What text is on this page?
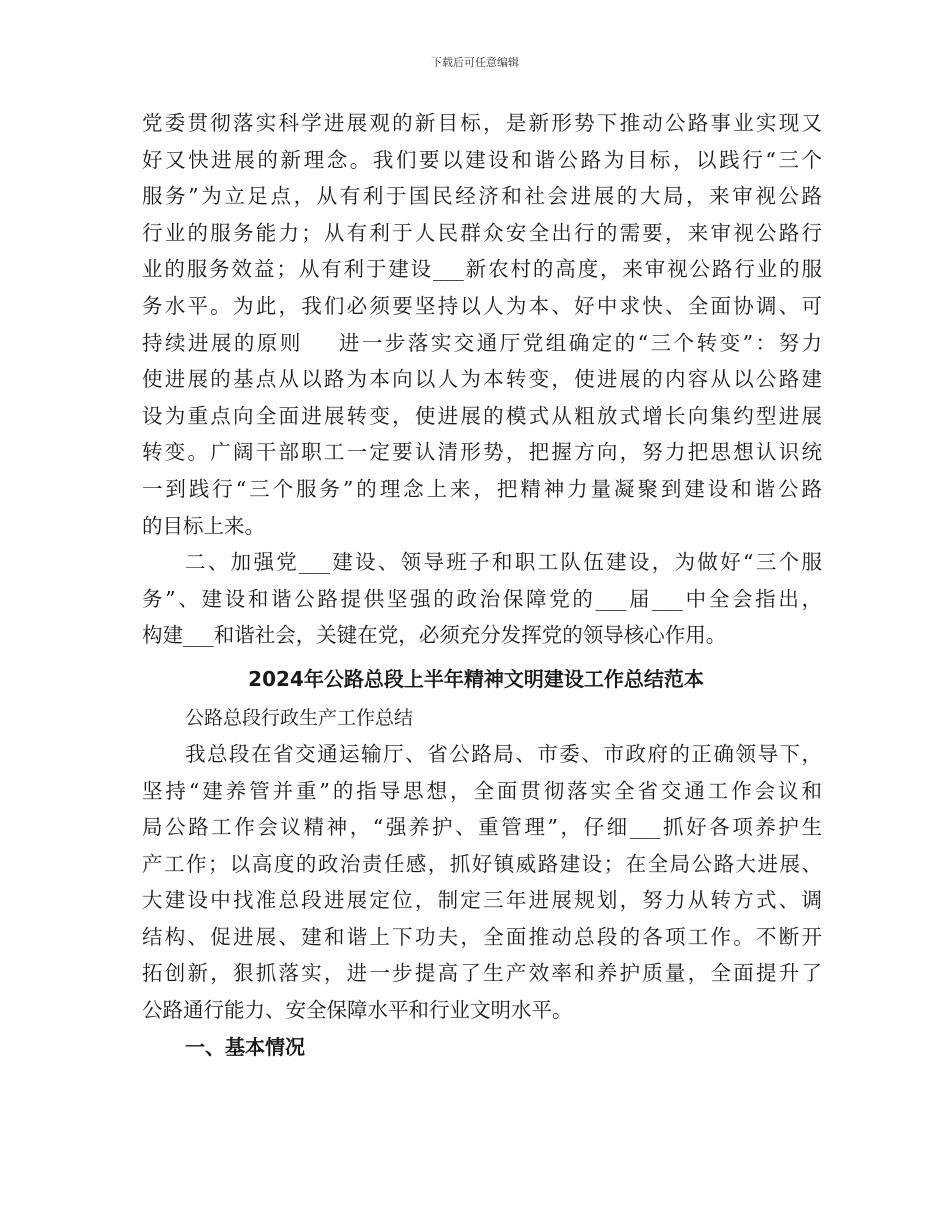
下载后可任意编辑
党委贯彻落实科学进展观的新目标，是新形势下推动公路事业实现又
好又快进展的新理念。我们要以建设和谐公路为目标，以践行“三个
服务”为立足点，从有利于国民经济和社会进展的大局，来审视公路
行业的服务能力；从有利于人民群众安全出行的需要，来审视公路行
业的服务效益；从有利于建设___新农村的高度，来审视公路行业的服
务水平。为此，我们必须要坚持以人为本、好中求快、全面协调、可
持续进展的原则    进一步落实交通厅党组确定的“三个转变”：努力
使进展的基点从以路为本向以人为本转变，使进展的内容从以公路建
设为重点向全面进展转变，使进展的模式从粗放式增长向集约型进展
转变。广阔干部职工一定要认清形势，把握方向，努力把思想认识统
一到践行“三个服务”的理念上来，把精神力量凝聚到建设和谐公路
的目标上来。
二、加强党___建设、领导班子和职工队伍建设，为做好“三个服
务”、建设和谐公路提供坚强的政治保障党的___届___中全会指出，
构建___和谐社会，关键在党，必须充分发挥党的领导核心作用。
2024年公路总段上半年精神文明建设工作总结范本
公路总段行政生产工作总结
我总段在省交通运输厅、省公路局、市委、市政府的正确领导下，
坚持“建养管并重”的指导思想，全面贯彻落实全省交通工作会议和
局公路工作会议精神，“强养护、重管理”，仔细___抓好各项养护生
产工作；以高度的政治责任感，抓好镇威路建设；在全局公路大进展、
大建设中找准总段进展定位，制定三年进展规划，努力从转方式、调
结构、促进展、建和谐上下功夫，全面推动总段的各项工作。不断开
拓创新，狠抓落实，进一步提高了生产效率和养护质量，全面提升了
公路通行能力、安全保障水平和行业文明水平。
一、基本情况
